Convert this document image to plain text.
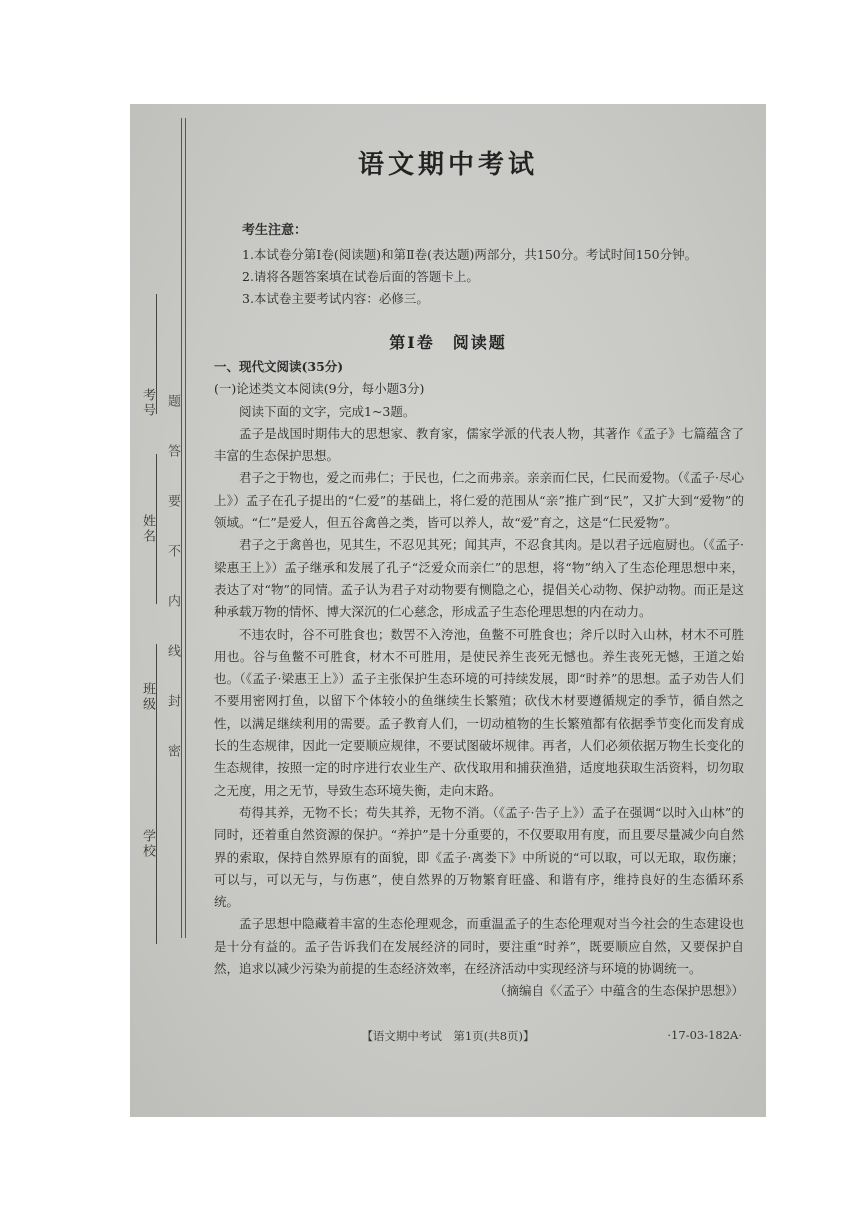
考号
姓名
班级
学校
题
答
要
不
内
线
封
密
语文期中考试
考生注意：
1.本试卷分第Ⅰ卷(阅读题)和第Ⅱ卷(表达题)两部分，共150分。考试时间150分钟。
2.请将各题答案填在试卷后面的答题卡上。
3.本试卷主要考试内容：必修三。
第Ⅰ卷　阅读题

一、现代文阅读(35分)

(一)论述类文本阅读(9分，每小题3分)

阅读下面的文字，完成1~3题。

孟子是战国时期伟大的思想家、教育家，儒家学派的代表人物，其著作《孟子》七篇蕴含了丰富的生态保护思想。

君子之于物也，爱之而弗仁；于民也，仁之而弗亲。亲亲而仁民，仁民而爱物。（《孟子·尽心上》）孟子在孔子提出的“仁爱”的基础上，将仁爱的范围从“亲”推广到“民”，又扩大到“爱物”的领域。“仁”是爱人，但五谷禽兽之类，皆可以养人，故“爱”育之，这是“仁民爱物”。

君子之于禽兽也，见其生，不忍见其死；闻其声，不忍食其肉。是以君子远庖厨也。（《孟子·梁惠王上》）孟子继承和发展了孔子“泛爱众而亲仁”的思想，将“物”纳入了生态伦理思想中来，表达了对“物”的同情。孟子认为君子对动物要有恻隐之心，提倡关心动物、保护动物。而正是这种承载万物的情怀、博大深沉的仁心慈念，形成孟子生态伦理思想的内在动力。

不违农时，谷不可胜食也；数罟不入洿池，鱼鳖不可胜食也；斧斤以时入山林，材木不可胜用也。谷与鱼鳖不可胜食，材木不可胜用，是使民养生丧死无憾也。养生丧死无憾，王道之始也。（《孟子·梁惠王上》）孟子主张保护生态环境的可持续发展，即“时养”的思想。孟子劝告人们不要用密网打鱼，以留下个体较小的鱼继续生长繁殖；砍伐木材要遵循规定的季节，循自然之性，以满足继续利用的需要。孟子教育人们，一切动植物的生长繁殖都有依据季节变化而发育成长的生态规律，因此一定要顺应规律，不要试图破坏规律。再者，人们必须依据万物生长变化的生态规律，按照一定的时序进行农业生产、砍伐取用和捕获渔猎，适度地获取生活资料，切勿取之无度，用之无节，导致生态环境失衡，走向末路。

苟得其养，无物不长；苟失其养，无物不消。（《孟子·告子上》）孟子在强调“以时入山林”的同时，还着重自然资源的保护。“养护”是十分重要的，不仅要取用有度，而且要尽量减少向自然界的索取，保持自然界原有的面貌，即《孟子·离娄下》中所说的“可以取，可以无取，取伤廉；可以与，可以无与，与伤惠”，使自然界的万物繁育旺盛、和谐有序，维持良好的生态循环系统。

孟子思想中隐藏着丰富的生态伦理观念，而重温孟子的生态伦理观对当今社会的生态建设也是十分有益的。孟子告诉我们在发展经济的同时，要注重“时养”，既要顺应自然，又要保护自然，追求以减少污染为前提的生态经济效率，在经济活动中实现经济与环境的协调统一。

（摘编自《〈孟子〉中蕴含的生态保护思想》）

【语文期中考试　第1页(共8页)】	·17-03-182A·
